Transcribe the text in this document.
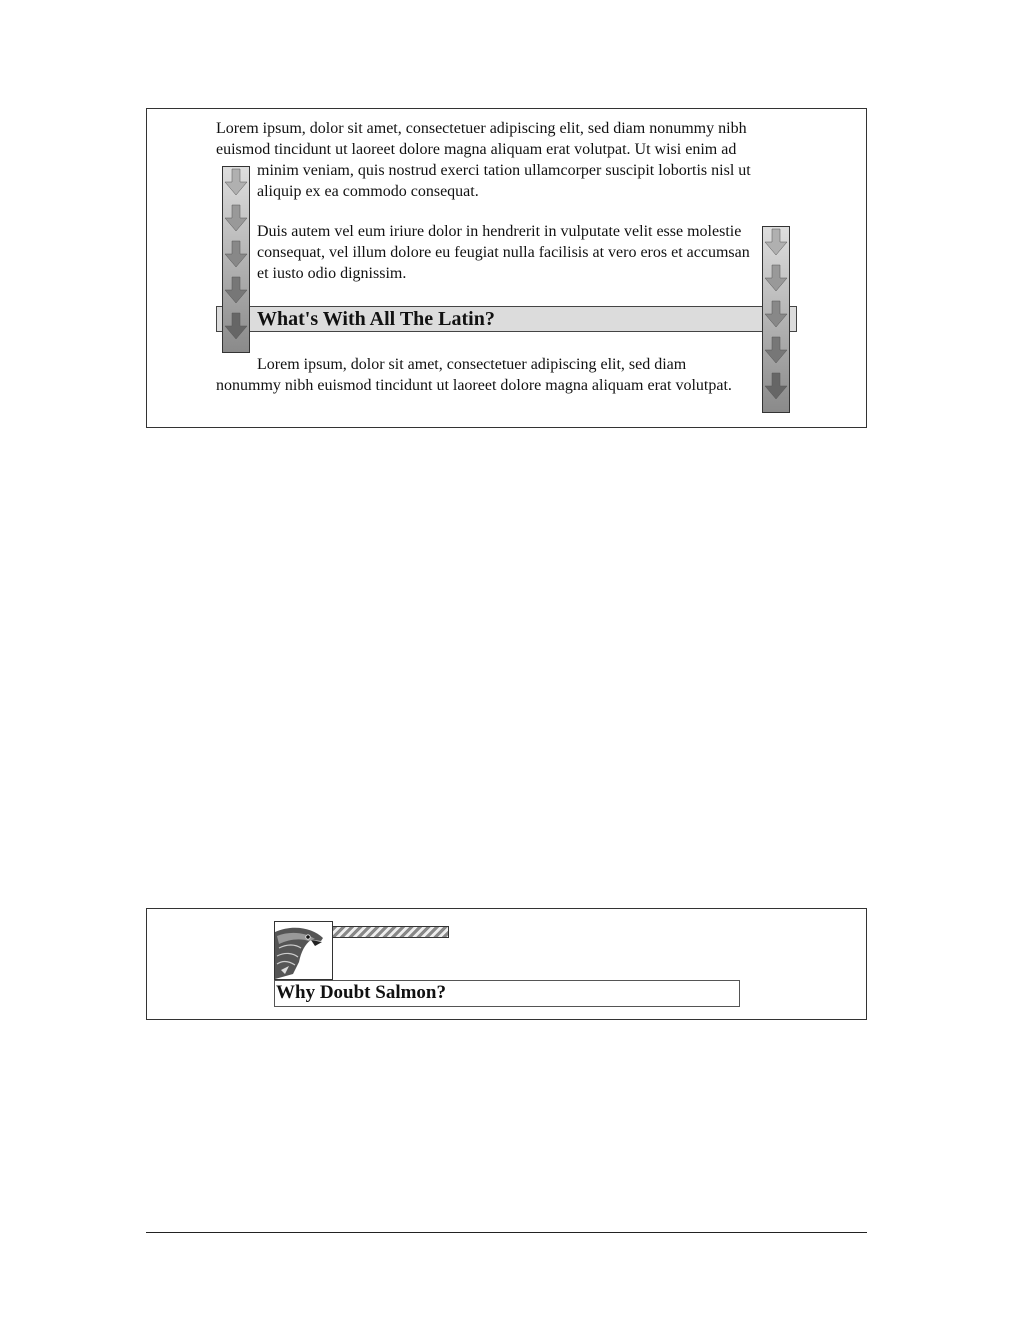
Lorem ipsum, dolor sit amet, consectetuer adipiscing elit, sed diam nonummy nibh euismod tincidunt ut laoreet dolore magna aliquam erat volutpat. Ut wisi enim ad
minim veniam, quis nostrud exerci tation ullamcorper suscipit lobortis nisl ut aliquip ex ea commodo consequat.
Duis autem vel eum iriure dolor in hendrerit in vulputate velit esse molestie consequat, vel illum dolore eu feugiat nulla facilisis at vero eros et accumsan et iusto odio dignissim.
What's With All The Latin?
Lorem ipsum, dolor sit amet, consectetuer adipiscing elit, sed diam nonummy nibh euismod tincidunt ut laoreet dolore magna aliquam erat volutpat.
Why Doubt Salmon?
